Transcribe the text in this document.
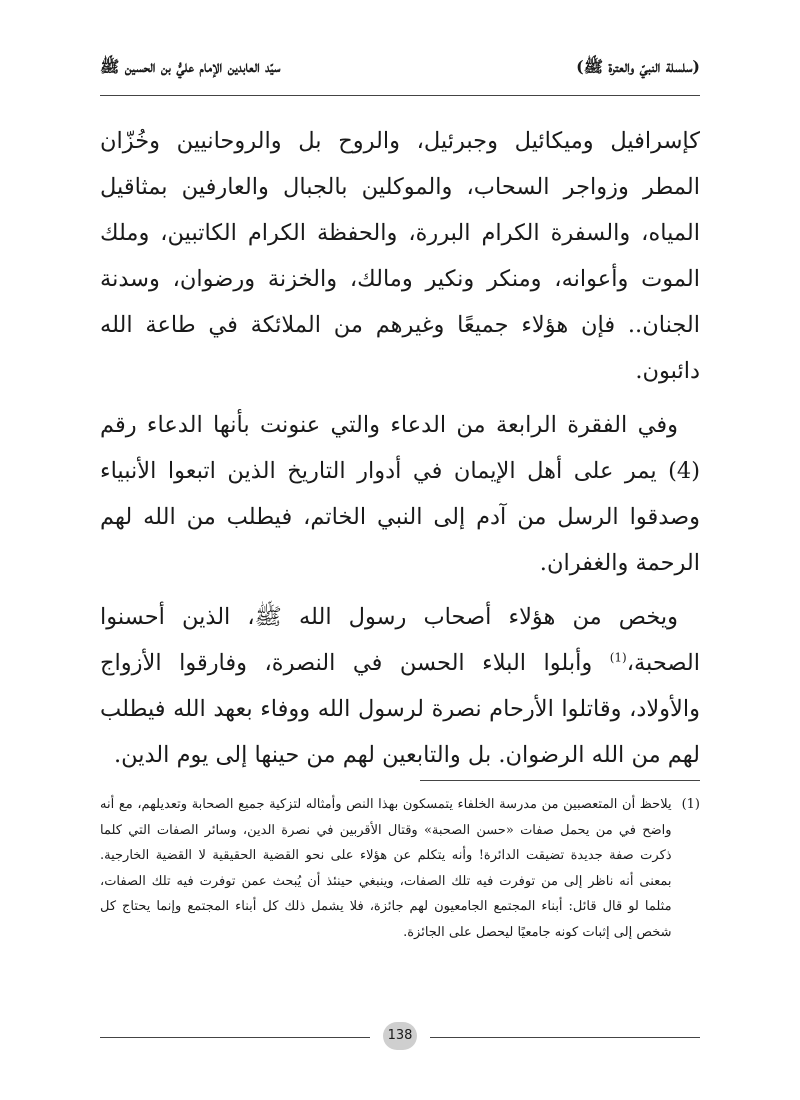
(سلسلة النبيّ والعترة ﷺ)
سيّد العابدين الإمام عليُّ بن الحسين ﷺ

كإسرافيل وميكائيل وجبرئيل، والروح بل والروحانيين وخُزّان المطر وزواجر السحاب، والموكلين بالجبال والعارفين بمثاقيل المياه، والسفرة الكرام البررة، والحفظة الكرام الكاتبين، وملك الموت وأعوانه، ومنكر ونكير ومالك، والخزنة ورضوان، وسدنة الجنان.. فإن هؤلاء جميعًا وغيرهم من الملائكة في طاعة الله دائبون.

وفي الفقرة الرابعة من الدعاء والتي عنونت بأنها الدعاء رقم (4) يمر على أهل الإيمان في أدوار التاريخ الذين اتبعوا الأنبياء وصدقوا الرسل من آدم إلى النبي الخاتم، فيطلب من الله لهم الرحمة والغفران.

ويخص من هؤلاء أصحاب رسول الله ﷺ، الذين أحسنوا الصحبة،$^{(1)}$ وأبلوا البلاء الحسن في النصرة، وفارقوا الأزواج والأولاد، وقاتلوا الأرحام نصرة لرسول الله ووفاء بعهد الله فيطلب لهم من الله الرضوان. بل والتابعين لهم من حينها إلى يوم الدين.

(1)
يلاحظ أن المتعصبين من مدرسة الخلفاء يتمسكون بهذا النص وأمثاله لتزكية جميع الصحابة وتعديلهم، مع أنه واضح في من يحمل صفات «حسن الصحبة» وقتال الأقربين في نصرة الدين، وسائر الصفات التي كلما ذكرت صفة جديدة تضيقت الدائرة! وأنه يتكلم عن هؤلاء على نحو القضية الحقيقية لا القضية الخارجية. بمعنى أنه ناظر إلى من توفرت فيه تلك الصفات، وينبغي حينئذ أن يُبحث عمن توفرت فيه تلك الصفات، مثلما لو قال قائل: أبناء المجتمع الجامعيون لهم جائزة، فلا يشمل ذلك كل أبناء المجتمع وإنما يحتاج كل شخص إلى إثبات كونه جامعيًا ليحصل على الجائزة.
138
